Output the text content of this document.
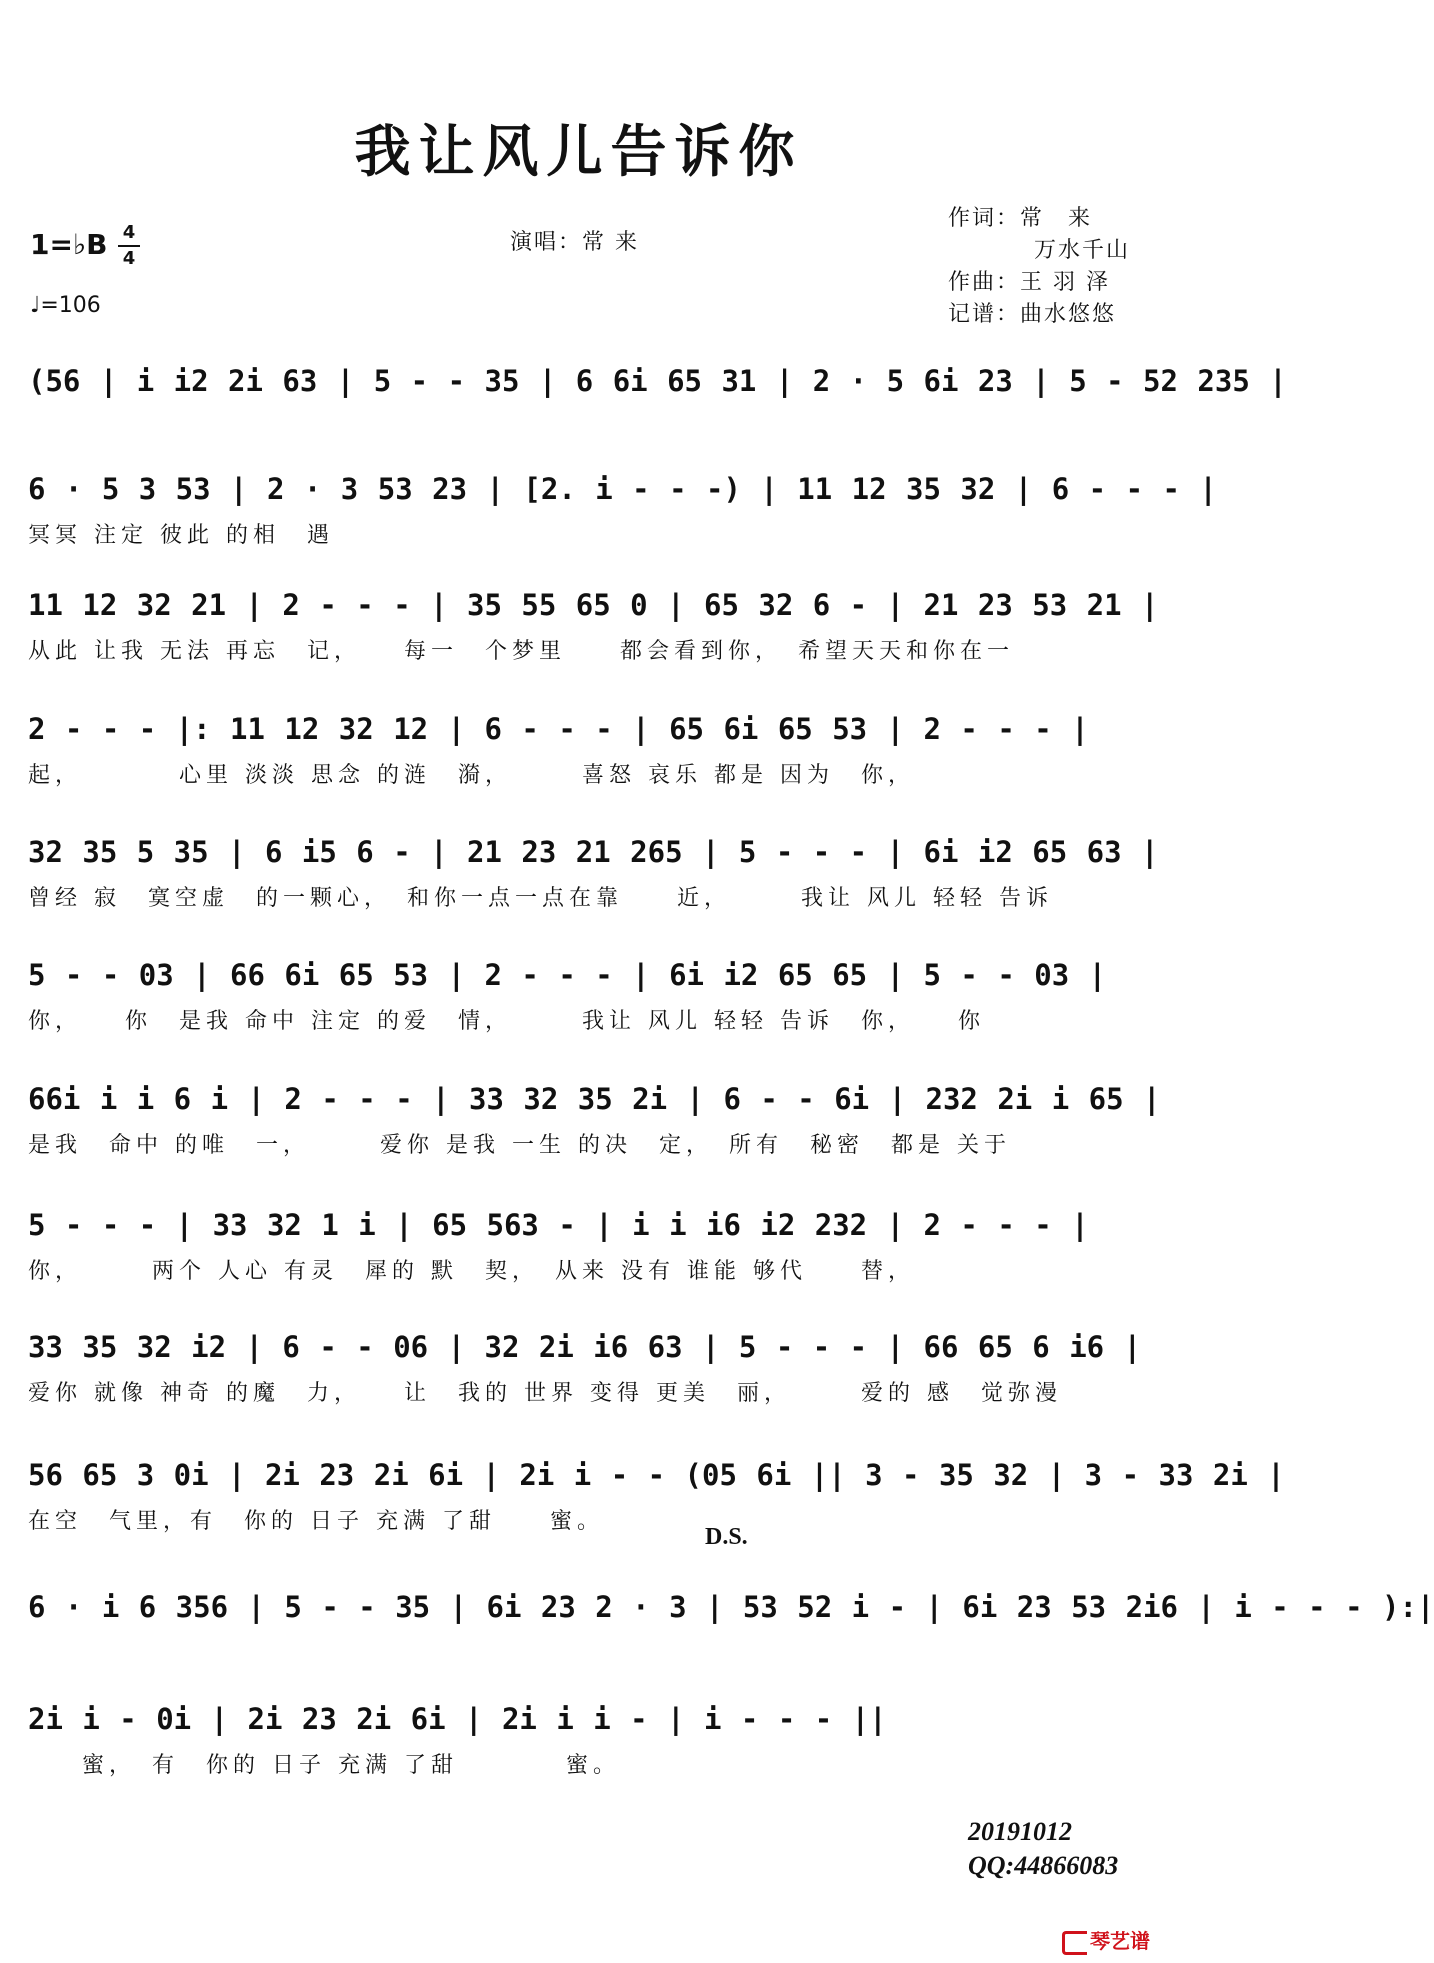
我让风儿告诉你
1=♭B 4
4
♩=106
演唱：常 来
作词：常　来
万水千山
作曲：王 羽 泽
记谱：曲水悠悠
(56 | i i2 2i 63 | 5 - - 35 | 6 6i 65 31 | 2 · 5 6i 23 | 5 - 52 235 |
6 · 5 3 53 | 2 · 3 53 23 | [2. i - - -) | 11 12 35 32 | 6 - - - |
冥冥 注定 彼此 的相　遇
11 12 32 21 | 2 - - - | 35 55 65 0 | 65 32 6 - | 21 23 53 21 |
从此 让我 无法 再忘　记，　　每一　个梦里　　都会看到你，　希望天天和你在一
2 - - - |: 11 12 32 12 | 6 - - - | 65 6i 65 53 | 2 - - - |
起，　　　　心里 淡淡 思念 的涟　漪，　　　喜怒 哀乐 都是 因为　你，
32 35 5 35 | 6 i5 6 - | 21 23 21 265 | 5 - - - | 6i i2 65 63 |
曾经 寂　寞空虚　的一颗心，　和你一点一点在靠　　近，　　　我让 风儿 轻轻 告诉
5 - - 03 | 66 6i 65 53 | 2 - - - | 6i i2 65 65 | 5 - - 03 |
你，　　你　是我 命中 注定 的爱　情，　　　我让 风儿 轻轻 告诉　你，　　你
66i i i 6 i | 2 - - - | 33 32 35 2i | 6 - - 6i | 232 2i i 65 |
是我　命中 的唯　一，　　　爱你 是我 一生 的决　定，　所有　秘密　都是 关于
5 - - - | 33 32 1 i | 65 563 - | i i i6 i2 232 | 2 - - - |
你，　　　两个 人心 有灵　犀的 默　契，　从来 没有 谁能 够代　　替，
33 35 32 i2 | 6 - - 06 | 32 2i i6 63 | 5 - - - | 66 65 6 i6 |
爱你 就像 神奇 的魔　力，　　让　我的 世界 变得 更美　丽，　　　爱的 感　觉弥漫
56 65 3 0i | 2i 23 2i 6i | 2i i - - (05 6i || 3 - 35 32 | 3 - 33 2i |
在空　气里，有　你的 日子 充满 了甜　　蜜。
D.S.
6 · i 6 356 | 5 - - 35 | 6i 23 2 · 3 | 53 52 i - | 6i 23 53 2i6 | i - - - ):|
2i i - 0i | 2i 23 2i 6i | 2i i i - | i - - - ||
　　蜜，　有　你的 日子 充满 了甜　　　　蜜。
20191012
QQ:44866083
琴艺谱
